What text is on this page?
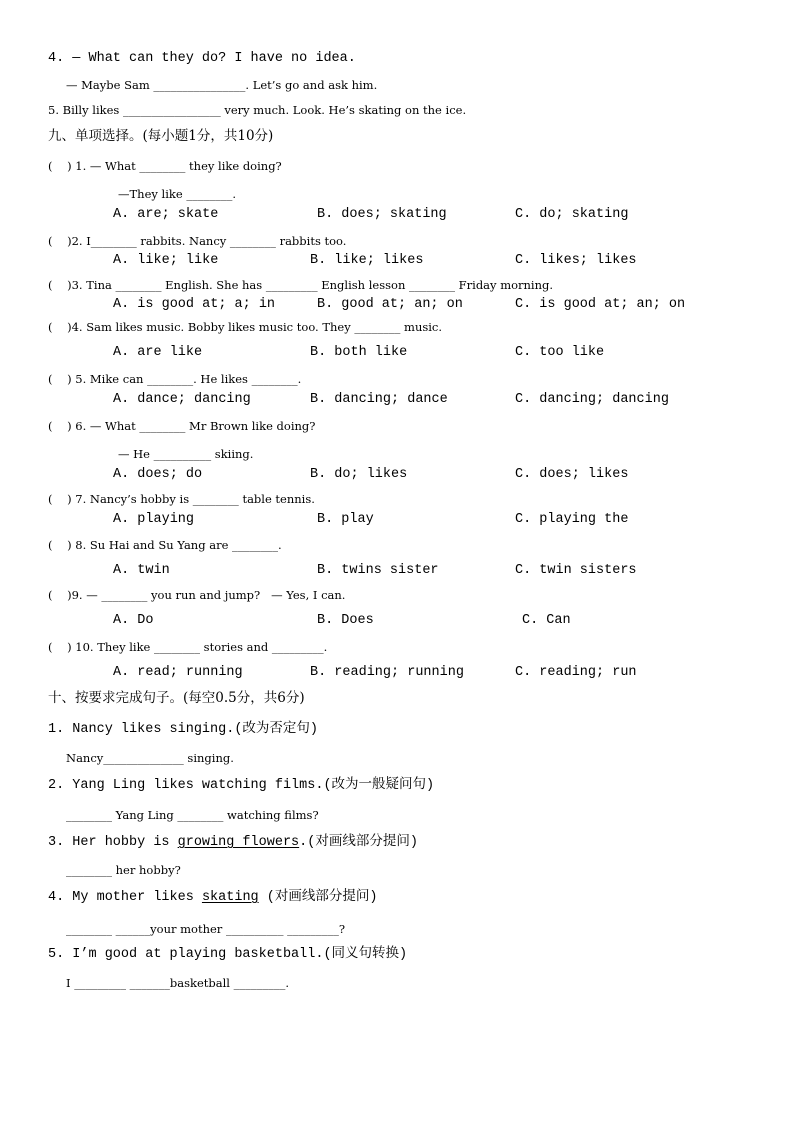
4. — What can they do? I have no idea.
— Maybe Sam ________________. Let’s go and ask him.
5. Billy likes _________________ very much. Look. He’s skating on the ice.
九、单项选择。(每小题1分，共10分)
(    ) 1. — What ________ they like doing?
—They like ________.
A. are; skate	B. does; skating	C. do; skating
(    )2. I________ rabbits. Nancy ________ rabbits too.
A. like; like	B. like; likes	C. likes; likes
(    )3. Tina ________ English. She has _________ English lesson ________ Friday morning.
A. is good at; a; in	B. good at; an; on	C. is good at; an; on
(    )4. Sam likes music. Bobby likes music too. They ________ music.
A. are like	B. both like	C. too like
(    ) 5. Mike can ________. He likes ________.
A. dance; dancing	B. dancing; dance	C. dancing; dancing
(    ) 6. — What ________ Mr Brown like doing?
— He __________ skiing.
A. does; do	B. do; likes	C. does; likes
(    ) 7. Nancy’s hobby is ________ table tennis.
A. playing	B. play	C. playing the
(    ) 8. Su Hai and Su Yang are ________.
A. twin	B. twins sister	C. twin sisters
(    )9. — ________ you run and jump?   — Yes, I can.
A. Do	B. Does	C. Can
(    ) 10. They like ________ stories and _________.
A. read; running	B. reading; running	C. reading; run
十、按要求完成句子。(每空0.5分，共6分)
1. Nancy likes singing.(改为否定句)
Nancy______________ singing.
2. Yang Ling likes watching films.(改为一般疑问句)
________ Yang Ling ________ watching films?
3. Her hobby is growing flowers.(对画线部分提问)
________ her hobby?
4. My mother likes skating (对画线部分提问)
________ ______your mother __________ _________?
5. I’m good at playing basketball.(同义句转换)
I _________ _______basketball _________.
